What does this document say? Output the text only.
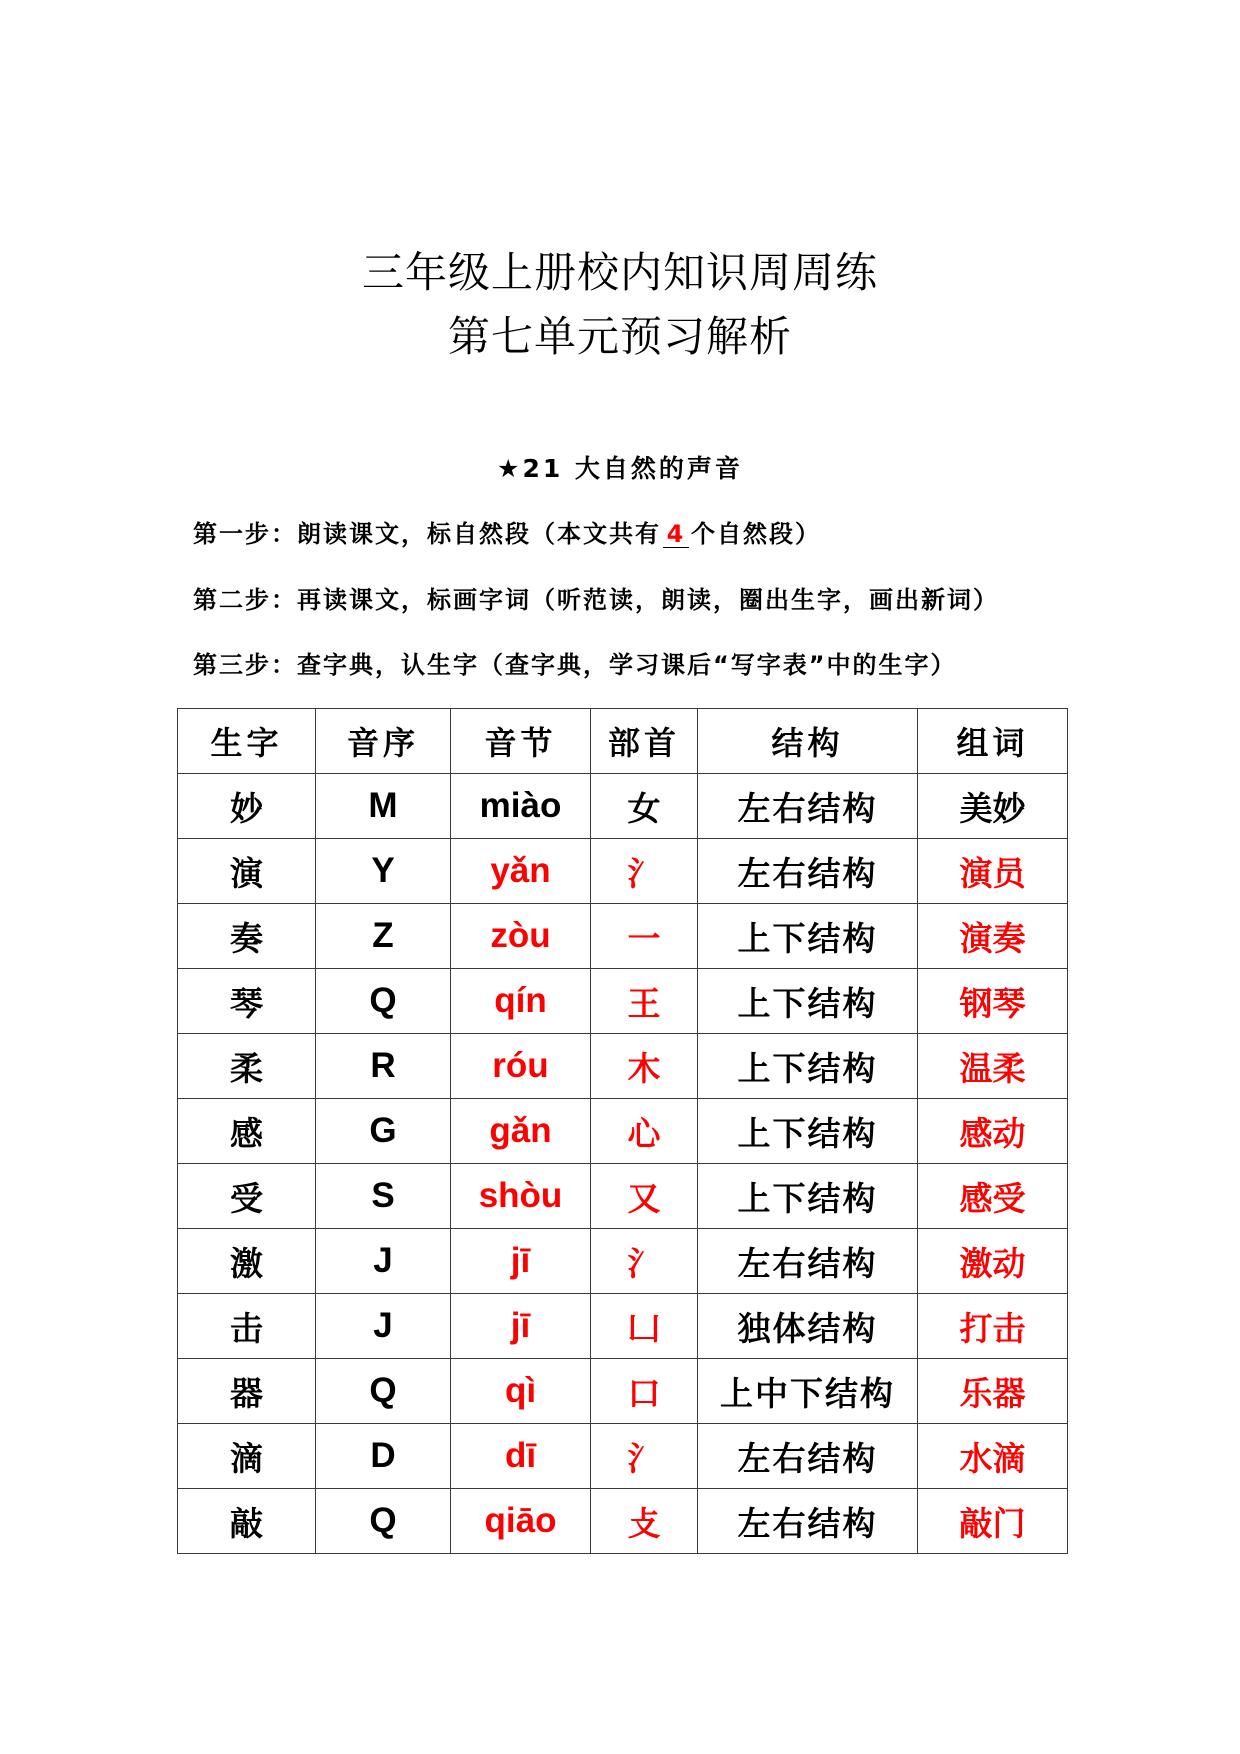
三年级上册校内知识周周练
第七单元预习解析
★21 大自然的声音
第一步：朗读课文，标自然段（本文共有 4 个自然段）
第二步：再读课文，标画字词（听范读，朗读，圈出生字，画出新词）
第三步：查字典，认生字（查字典，学习课后“写字表”中的生字）
生字	音序	音节	部首	结构	组词
妙	M	miào	女	左右结构	美妙
演	Y	yǎn	氵	左右结构	演员
奏	Z	zòu	一	上下结构	演奏
琴	Q	qín	王	上下结构	钢琴
柔	R	róu	木	上下结构	温柔
感	G	gǎn	心	上下结构	感动
受	S	shòu	又	上下结构	感受
激	J	jī	氵	左右结构	激动
击	J	jī	凵	独体结构	打击
器	Q	qì	口	上中下结构	乐器
滴	D	dī	氵	左右结构	水滴
敲	Q	qiāo	攴	左右结构	敲门
